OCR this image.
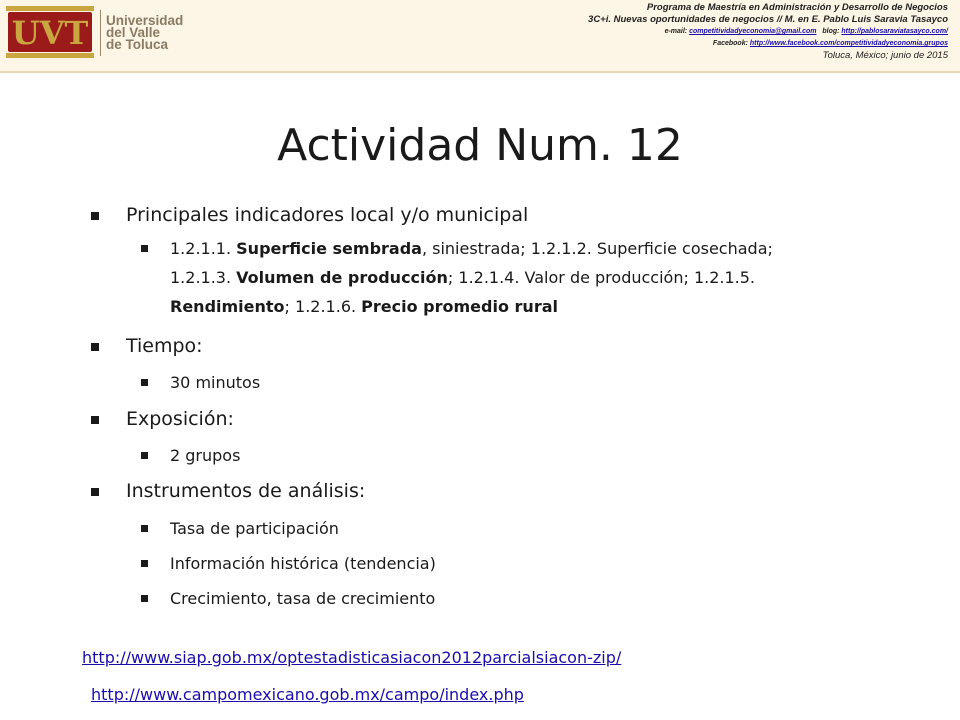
UVT Universidad
del Valle
de Toluca
Programa de Maestría en Administración y Desarrollo de Negocios
3C+i. Nuevas oportunidades de negocios // M. en E. Pablo Luis Saravia Tasayco
e-mail: competitividadyeconomia@gmail.com blog: http://pablosaraviatasayco.com/
Facebook: http://www.facebook.com/competitividadyeconomia.grupos
Toluca, México; junio de 2015
Actividad Num. 12
Principales indicadores local y/o municipal
1.2.1.1. Superficie sembrada, siniestrada; 1.2.1.2. Superficie cosechada;
1.2.1.3. Volumen de producción; 1.2.1.4. Valor de producción; 1.2.1.5.
Rendimiento; 1.2.1.6. Precio promedio rural
Tiempo:
30 minutos
Exposición:
2 grupos
Instrumentos de análisis:
Tasa de participación
Información histórica (tendencia)
Crecimiento, tasa de crecimiento
http://www.siap.gob.mx/optestadisticasiacon2012parcialsiacon-zip/
http://www.campomexicano.gob.mx/campo/index.php
